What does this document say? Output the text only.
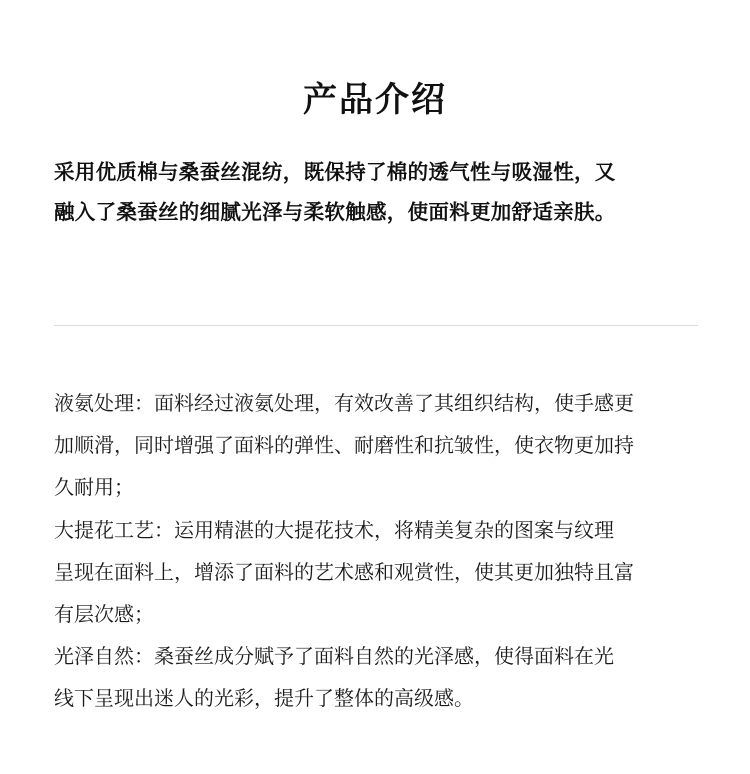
产品介绍
采用优质棉与桑蚕丝混纺，既保持了棉的透气性与吸湿性，又
融入了桑蚕丝的细腻光泽与柔软触感，使面料更加舒适亲肤。
液氨处理：面料经过液氨处理，有效改善了其组织结构，使手感更
加顺滑，同时增强了面料的弹性、耐磨性和抗皱性，使衣物更加持
久耐用；
大提花工艺：运用精湛的大提花技术，将精美复杂的图案与纹理
呈现在面料上，增添了面料的艺术感和观赏性，使其更加独特且富
有层次感；
光泽自然：桑蚕丝成分赋予了面料自然的光泽感，使得面料在光
线下呈现出迷人的光彩，提升了整体的高级感。
